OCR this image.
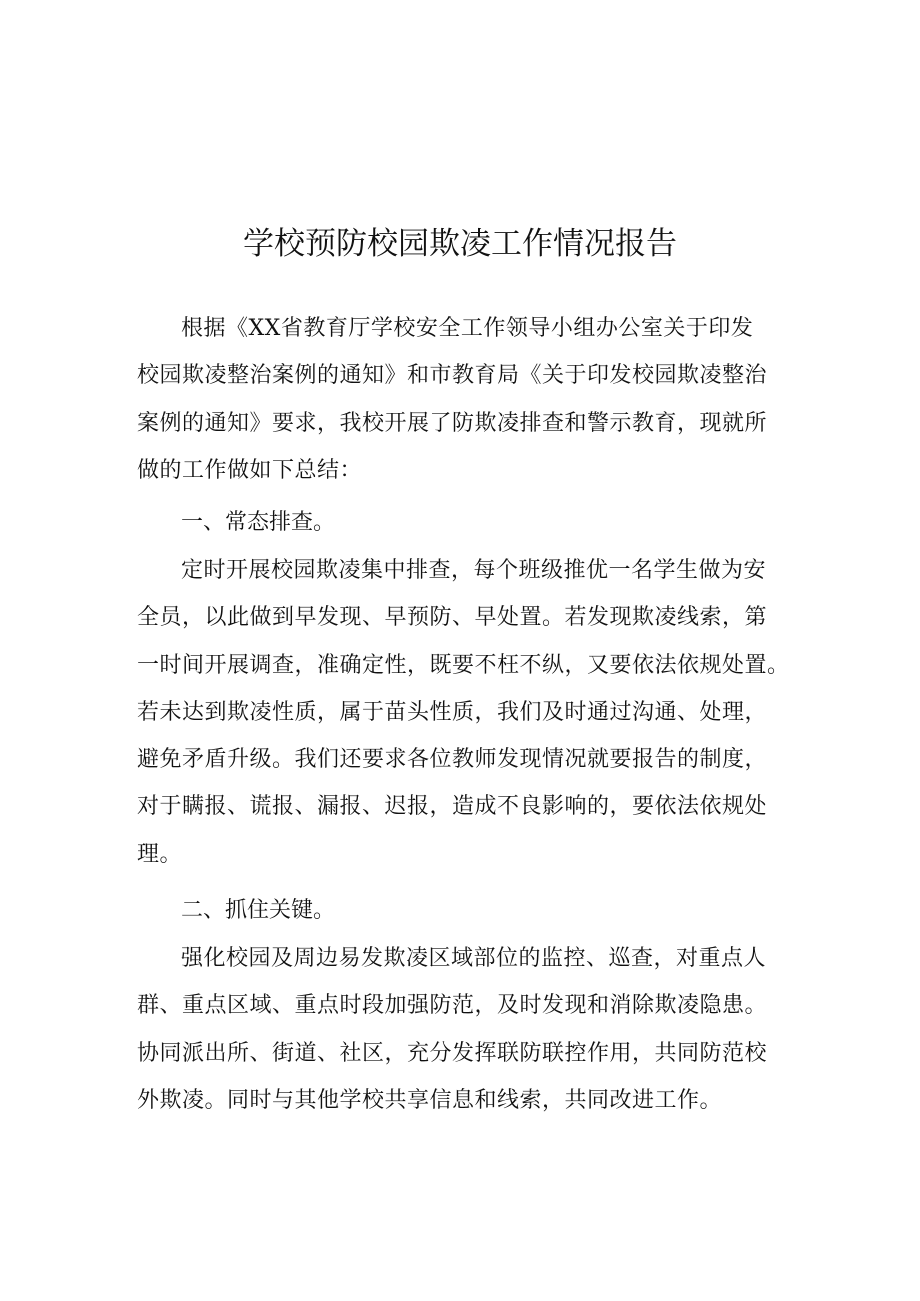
学校预防校园欺凌工作情况报告
根据《XX省教育厅学校安全工作领导小组办公室关于印发
校园欺凌整治案例的通知》和市教育局《关于印发校园欺凌整治
案例的通知》要求，我校开展了防欺凌排查和警示教育，现就所
做的工作做如下总结：
一、常态排查。
定时开展校园欺凌集中排查，每个班级推优一名学生做为安
全员，以此做到早发现、早预防、早处置。若发现欺凌线索，第
一时间开展调查，准确定性，既要不枉不纵，又要依法依规处置。
若未达到欺凌性质，属于苗头性质，我们及时通过沟通、处理，
避免矛盾升级。我们还要求各位教师发现情况就要报告的制度，
对于瞒报、谎报、漏报、迟报，造成不良影响的，要依法依规处
理。
二、抓住关键。
强化校园及周边易发欺凌区域部位的监控、巡查，对重点人
群、重点区域、重点时段加强防范，及时发现和消除欺凌隐患。
协同派出所、街道、社区，充分发挥联防联控作用，共同防范校
外欺凌。同时与其他学校共享信息和线索，共同改进工作。
